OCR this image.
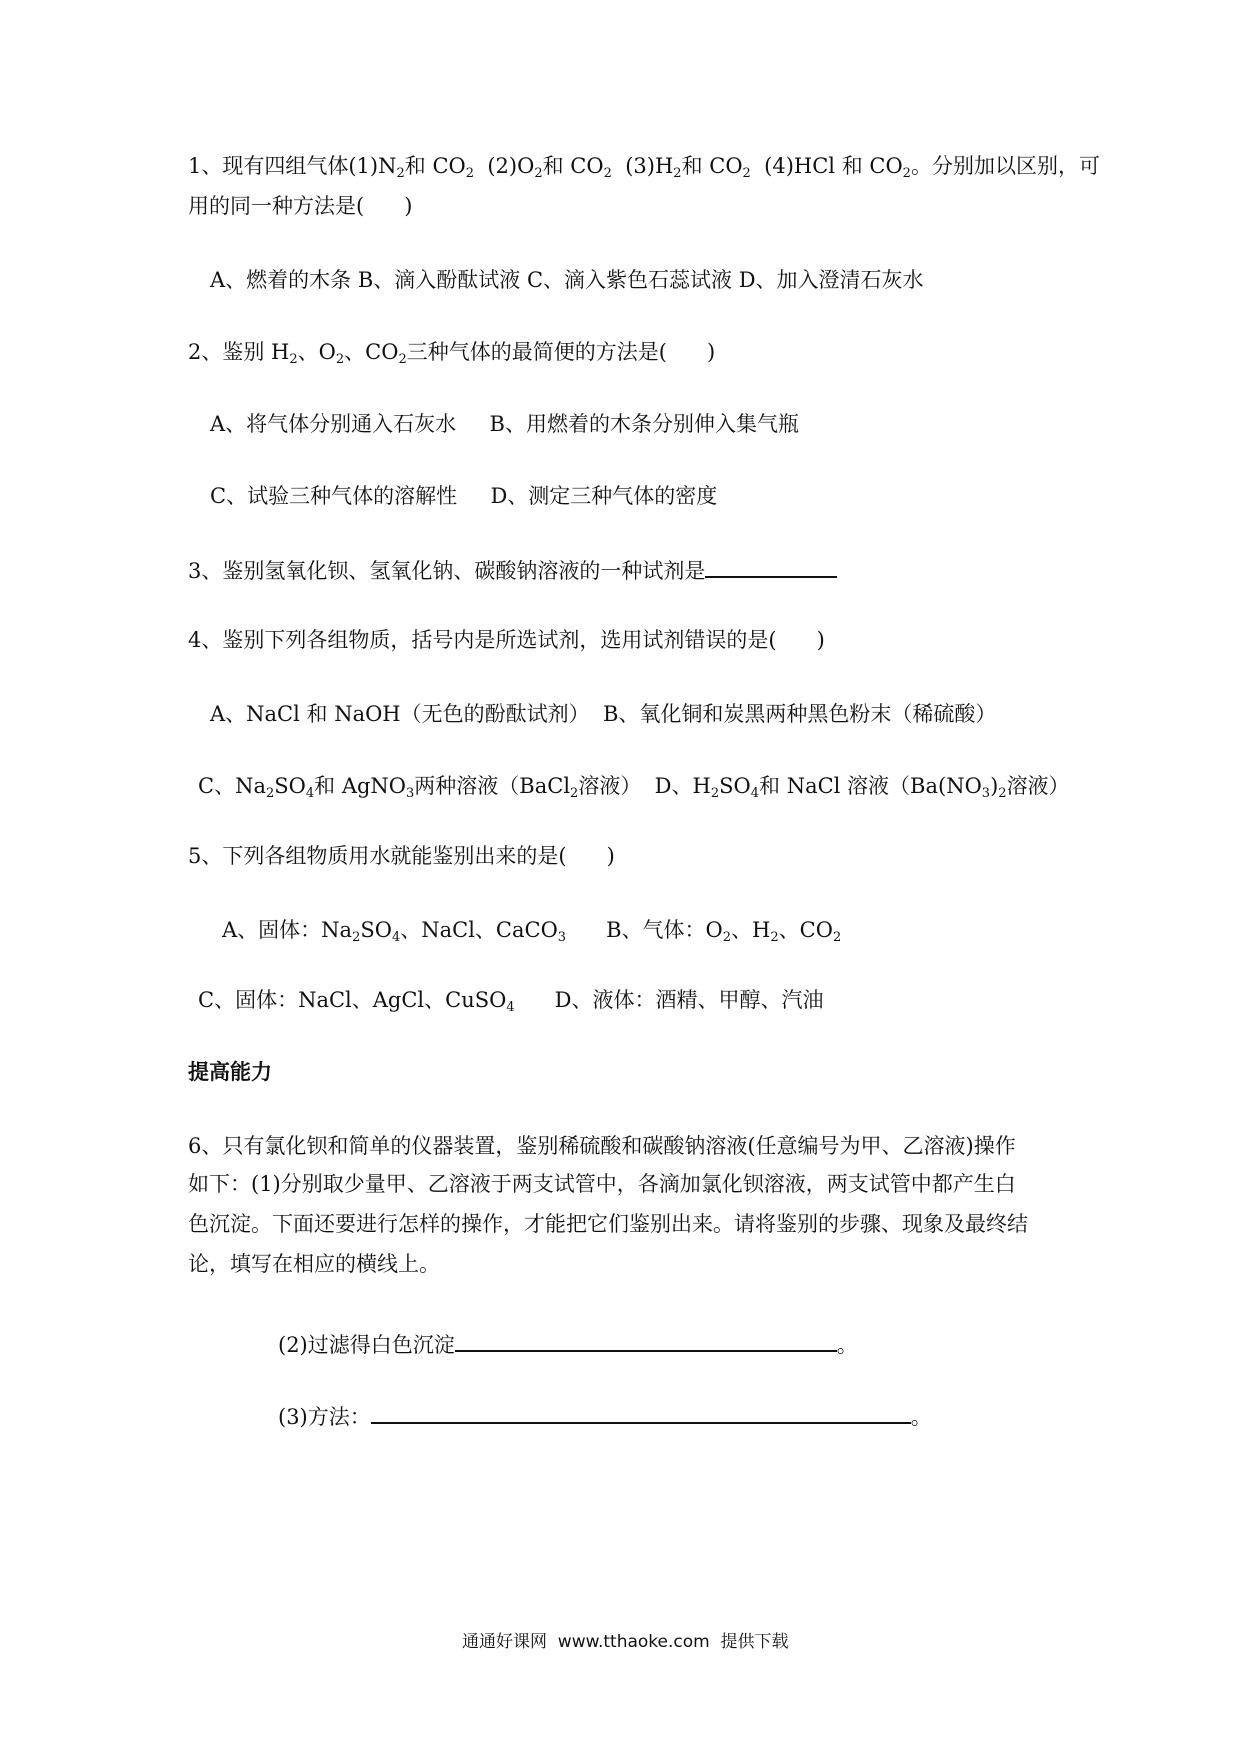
1、现有四组气体(1)N2和 CO2  (2)O2和 CO2  (3)H2和 CO2  (4)HCl 和 CO2。分别加以区别，可
用的同一种方法是(      )
A、燃着的木条 B、滴入酚酞试液 C、滴入紫色石蕊试液 D、加入澄清石灰水
2、鉴别 H2、O2、CO2三种气体的最简便的方法是(      )
A、将气体分别通入石灰水     B、用燃着的木条分别伸入集气瓶
C、试验三种气体的溶解性     D、测定三种气体的密度
3、鉴别氢氧化钡、氢氧化钠、碳酸钠溶液的一种试剂是
4、鉴别下列各组物质，括号内是所选试剂，选用试剂错误的是(      )
A、NaCl 和 NaOH（无色的酚酞试剂）  B、氧化铜和炭黑两种黑色粉末（稀硫酸）
C、Na2SO4和 AgNO3两种溶液（BaCl2溶液）  D、H2SO4和 NaCl 溶液（Ba(NO3)2溶液）
5、下列各组物质用水就能鉴别出来的是(      )
A、固体：Na2SO4、NaCl、CaCO3      B、气体：O2、H2、CO2
C、固体：NaCl、AgCl、CuSO4      D、液体：酒精、甲醇、汽油
提高能力
6、只有氯化钡和简单的仪器装置，鉴别稀硫酸和碳酸钠溶液(任意编号为甲、乙溶液)操作
如下：(1)分别取少量甲、乙溶液于两支试管中，各滴加氯化钡溶液，两支试管中都产生白
色沉淀。下面还要进行怎样的操作，才能把它们鉴别出来。请将鉴别的步骤、现象及最终结
论，填写在相应的横线上。
(2)过滤得白色沉淀	。
(3)方法：	。
通通好课网  www.tthaoke.com  提供下载
